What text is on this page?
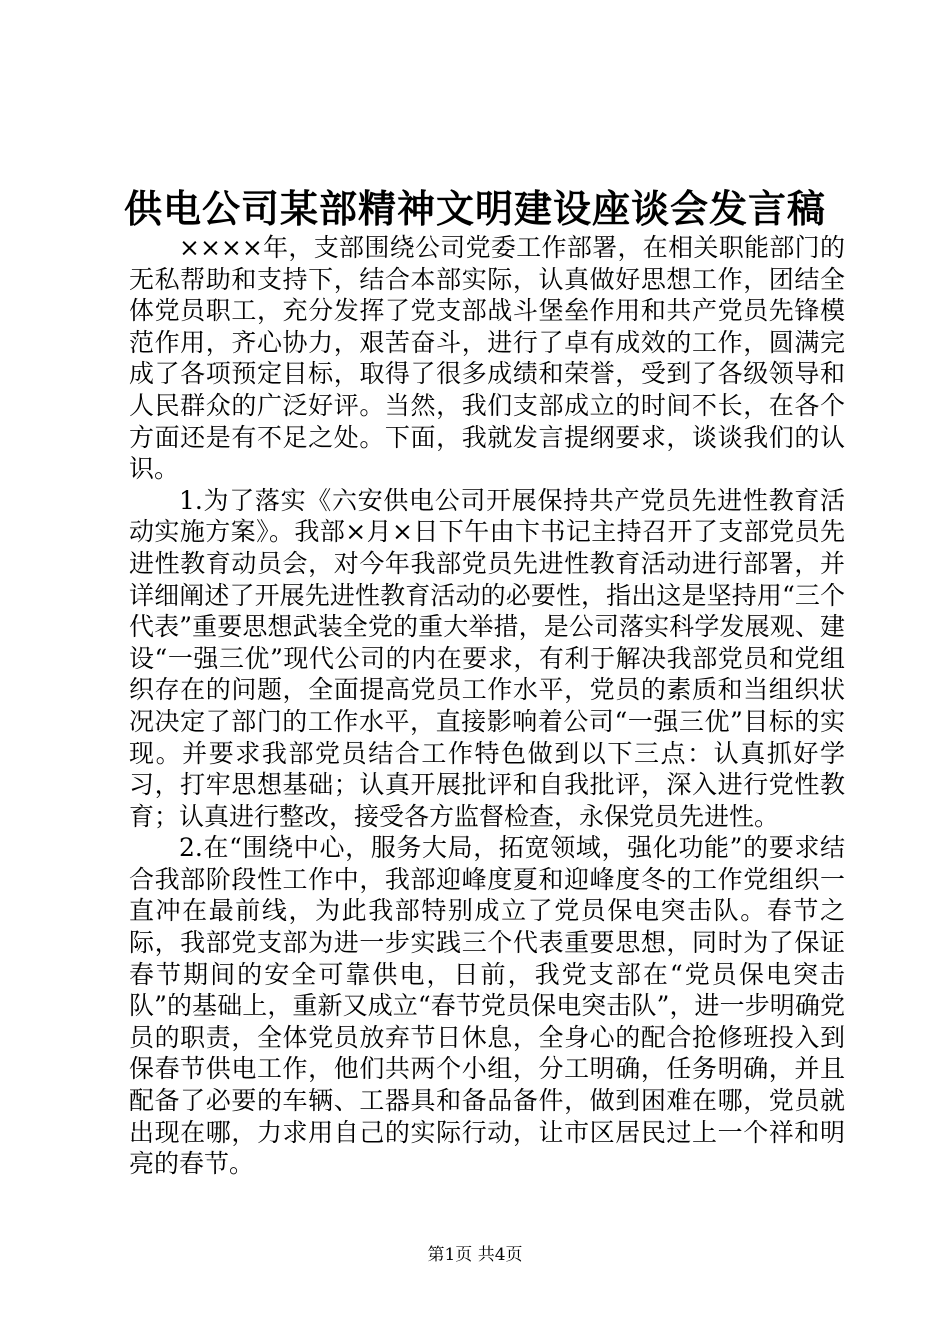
供电公司某部精神文明建设座谈会发言稿

××××年，支部围绕公司党委工作部署，在相关职能部门的无私帮助和支持下，结合本部实际，认真做好思想工作，团结全体党员职工，充分发挥了党支部战斗堡垒作用和共产党员先锋模范作用，齐心协力，艰苦奋斗，进行了卓有成效的工作，圆满完成了各项预定目标，取得了很多成绩和荣誉，受到了各级领导和人民群众的广泛好评。当然，我们支部成立的时间不长，在各个方面还是有不足之处。下面，我就发言提纲要求，谈谈我们的认识。

1.为了落实《六安供电公司开展保持共产党员先进性教育活动实施方案》。我部×月×日下午由卞书记主持召开了支部党员先进性教育动员会，对今年我部党员先进性教育活动进行部署，并详细阐述了开展先进性教育活动的必要性，指出这是坚持用“三个代表”重要思想武装全党的重大举措，是公司落实科学发展观、建设“一强三优”现代公司的内在要求，有利于解决我部党员和党组织存在的问题，全面提高党员工作水平，党员的素质和当组织状况决定了部门的工作水平，直接影响着公司“一强三优”目标的实现。并要求我部党员结合工作特色做到以下三点：认真抓好学习，打牢思想基础；认真开展批评和自我批评，深入进行党性教育；认真进行整改，接受各方监督检查，永保党员先进性。

2.在“围绕中心，服务大局，拓宽领域，强化功能”的要求结合我部阶段性工作中，我部迎峰度夏和迎峰度冬的工作党组织一直冲在最前线，为此我部特别成立了党员保电突击队。春节之际，我部党支部为进一步实践三个代表重要思想，同时为了保证春节期间的安全可靠供电，日前，我党支部在“党员保电突击队”的基础上，重新又成立“春节党员保电突击队”，进一步明确党员的职责，全体党员放弃节日休息，全身心的配合抢修班投入到保春节供电工作，他们共两个小组，分工明确，任务明确，并且配备了必要的车辆、工器具和备品备件，做到困难在哪，党员就出现在哪，力求用自己的实际行动，让市区居民过上一个祥和明亮的春节。

第1页 共4页
